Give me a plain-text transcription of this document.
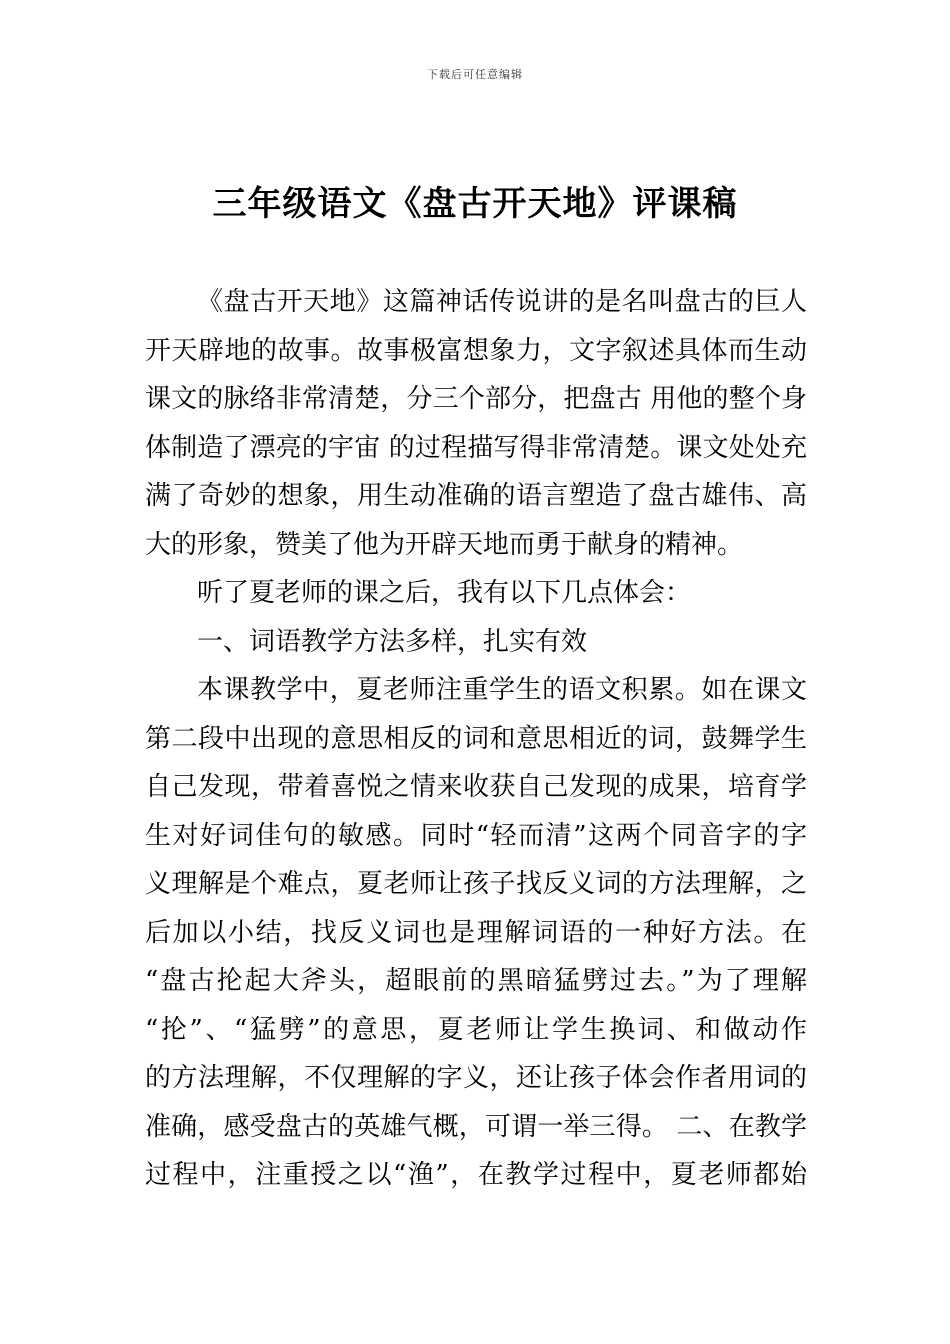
下载后可任意编辑
三年级语文《盘古开天地》评课稿
《盘古开天地》这篇神话传说讲的是名叫盘古的巨人
开天辟地的故事。故事极富想象力，文字叙述具体而生动
课文的脉络非常清楚，分三个部分，把盘古 用他的整个身
体制造了漂亮的宇宙 的过程描写得非常清楚。课文处处充
满了奇妙的想象，用生动准确的语言塑造了盘古雄伟、高
大的形象，赞美了他为开辟天地而勇于献身的精神。
听了夏老师的课之后，我有以下几点体会：
一、词语教学方法多样，扎实有效
本课教学中，夏老师注重学生的语文积累。如在课文
第二段中出现的意思相反的词和意思相近的词，鼓舞学生
自己发现，带着喜悦之情来收获自己发现的成果，培育学
生对好词佳句的敏感。同时“轻而清”这两个同音字的字
义理解是个难点，夏老师让孩子找反义词的方法理解，之
后加以小结，找反义词也是理解词语的一种好方法。在
“盘古抡起大斧头，超眼前的黑暗猛劈过去。”为了理解
“抡”、“猛劈”的意思，夏老师让学生换词、和做动作
的方法理解，不仅理解的字义，还让孩子体会作者用词的
准确，感受盘古的英雄气概，可谓一举三得。 二、在教学
过程中，注重授之以“渔”，在教学过程中，夏老师都始
